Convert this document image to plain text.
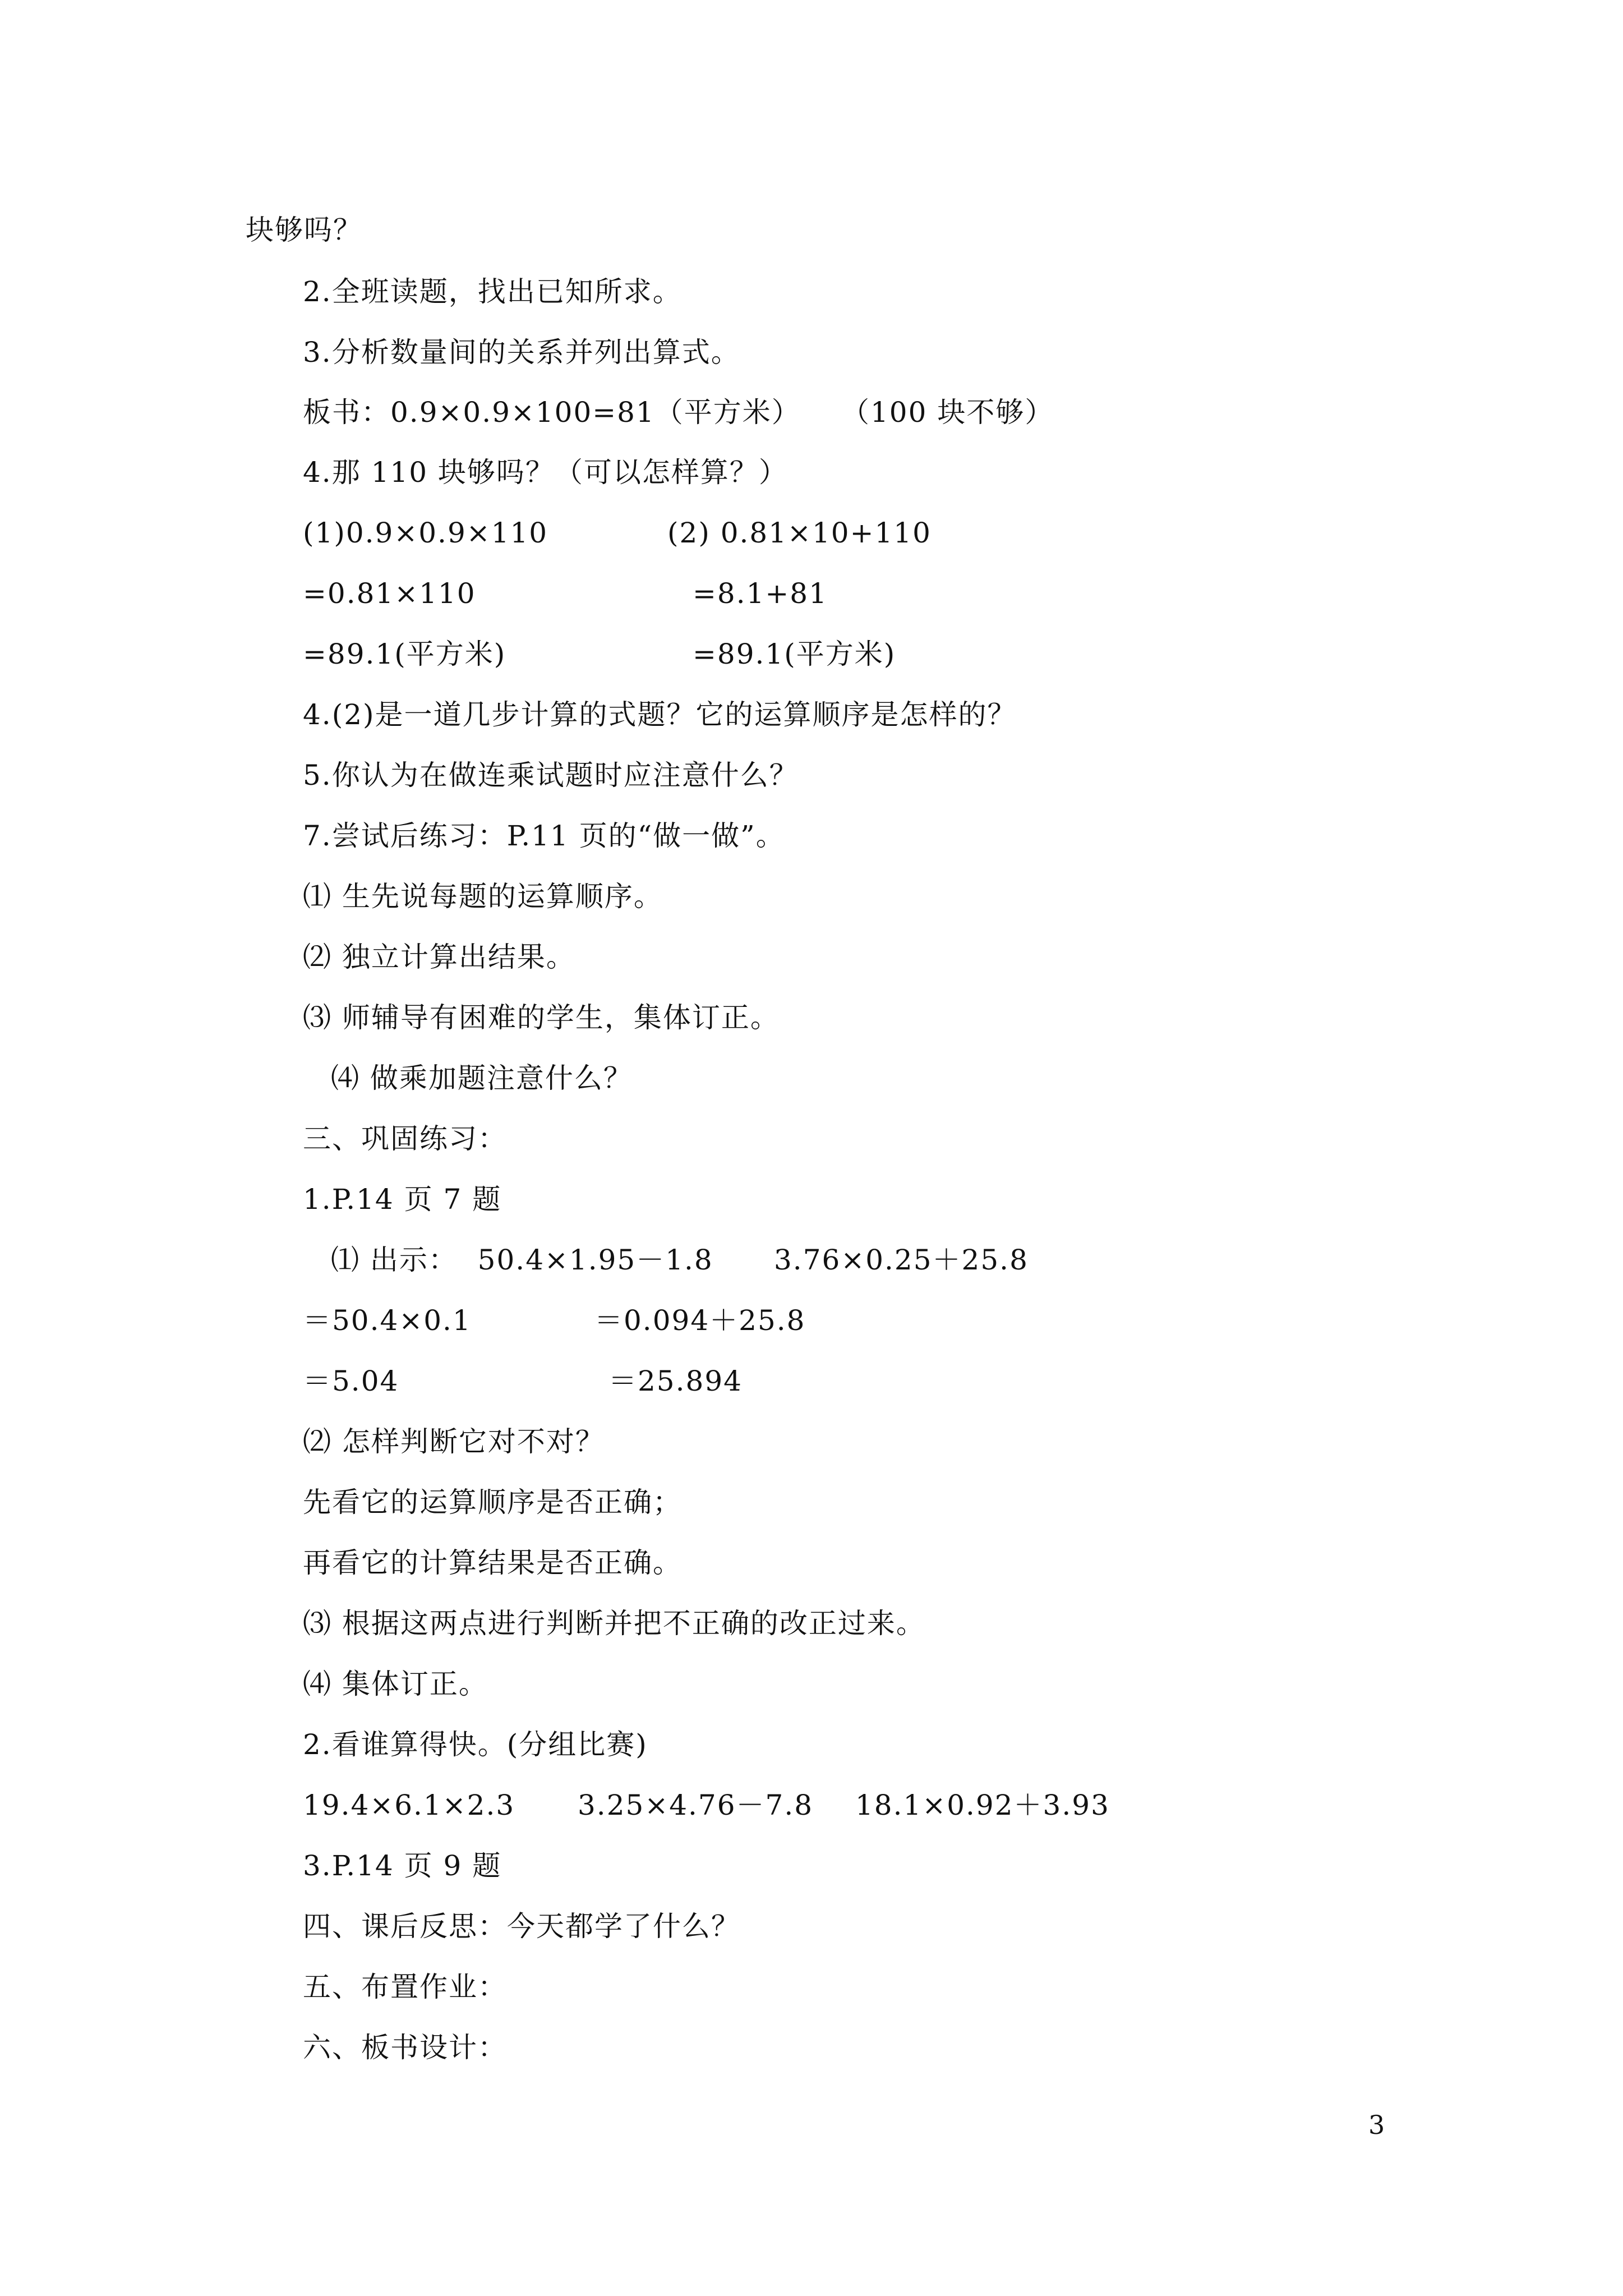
块够吗？
2.全班读题，找出已知所求。
3.分析数量间的关系并列出算式。

板书：0.9×0.9×100=81（平方米）

（100 块不够）

4.那 110 块够吗？（可以怎样算？）

(1)0.9×0.9×110

	(2) 0.81×10+110

=0.81×110

	=8.1+81

=89.1(平方米)

	=89.1(平方米)

4.(2)是一道几步计算的式题？它的运算顺序是怎样的？
5.你认为在做连乘试题时应注意什么？
7.尝试后练习：P.11 页的“做一做”。
⑴ 生先说每题的运算顺序。
⑵ 独立计算出结果。
⑶ 师辅导有困难的学生，集体订正。
⑷ 做乘加题注意什么？
三、巩固练习：
1.P.14 页 7 题

⑴ 出示：  50.4×1.95－1.8

3.76×0.25＋25.8

＝50.4×0.1

	＝0.094＋25.8

＝5.04

	＝25.894

⑵ 怎样判断它对不对？
先看它的运算顺序是否正确；
再看它的计算结果是否正确。
⑶ 根据这两点进行判断并把不正确的改正过来。
⑷ 集体订正。
2.看谁算得快。(分组比赛)

19.4×6.1×2.3

3.25×4.76－7.8

18.1×0.92＋3.93

3.P.14 页 9 题
四、课后反思：今天都学了什么？
五、布置作业：
六、板书设计：
3
